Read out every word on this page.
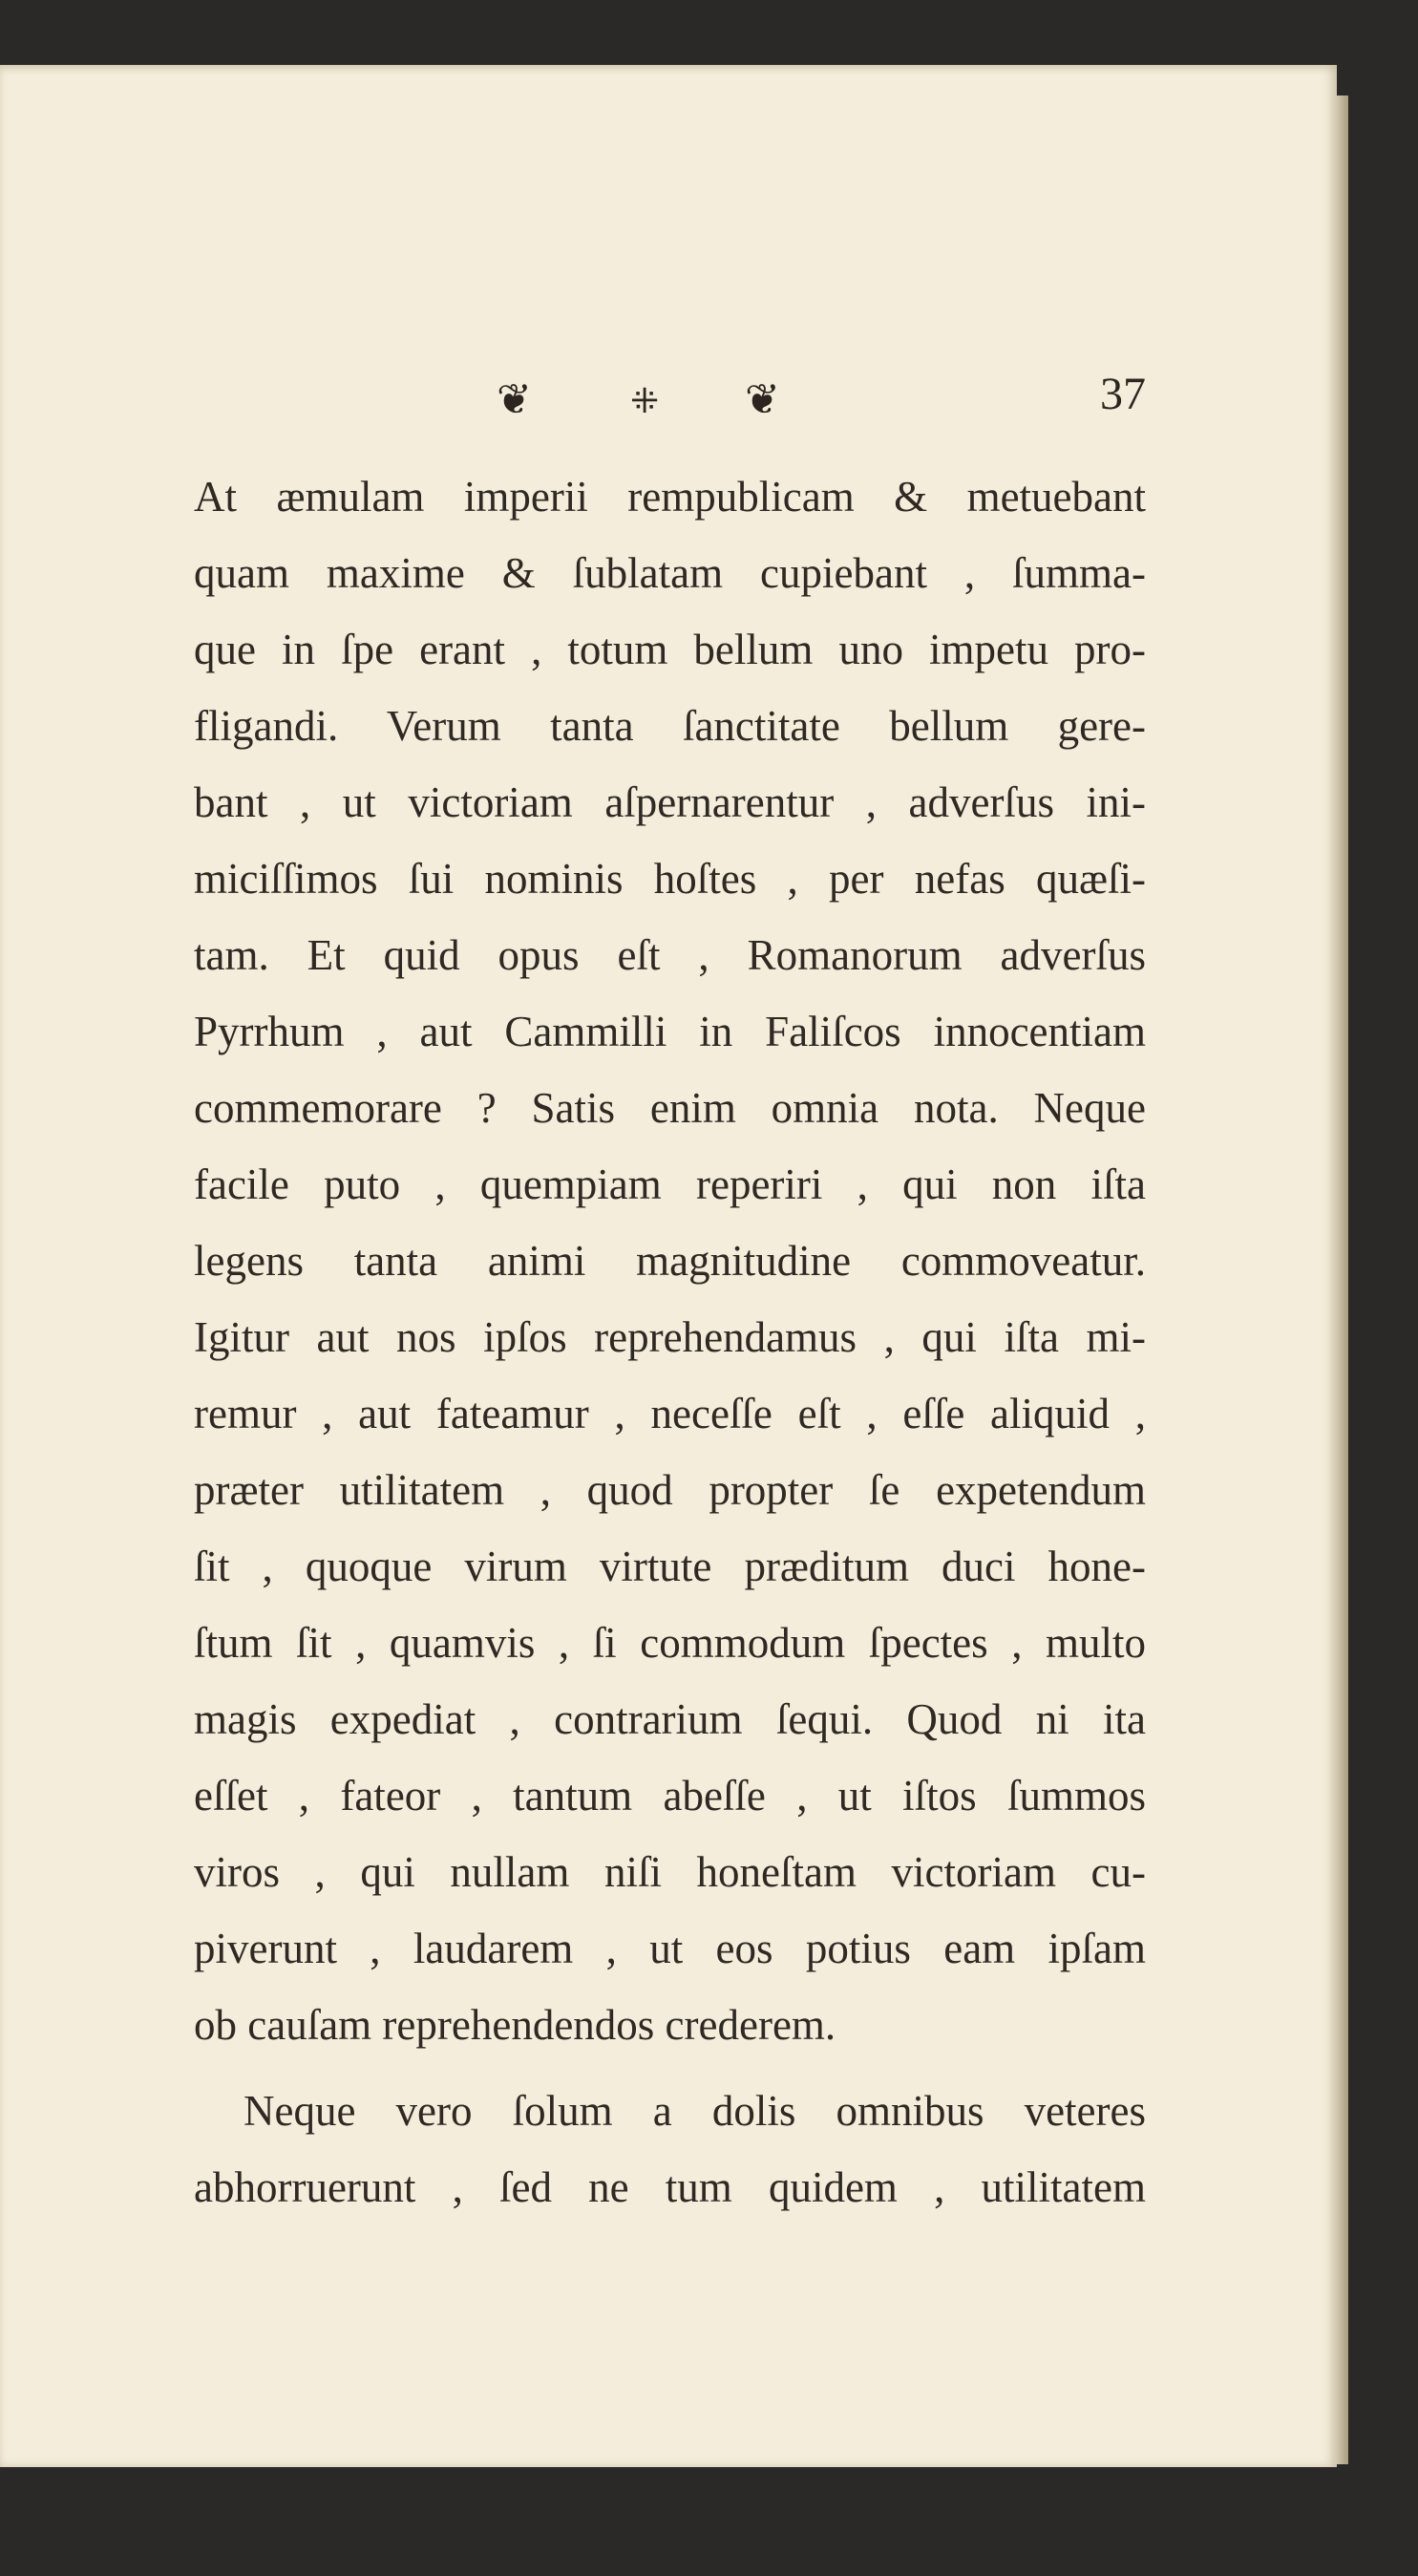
❦	⁜ ❦	37
At æmulam imperii rempublicam & metuebant
quam maxime & ſublatam cupiebant , ſumma-
que in ſpe erant , totum bellum uno impetu pro-
fligandi. Verum tanta ſanctitate bellum gere-
bant , ut victoriam aſpernarentur , adverſus ini-
miciſſimos ſui nominis hoſtes , per nefas quæſi-
tam. Et quid opus eſt , Romanorum adverſus
Pyrrhum , aut Cammilli in Faliſcos innocentiam
commemorare ? Satis enim omnia nota. Neque
facile puto , quempiam reperiri , qui non iſta
legens tanta animi magnitudine commoveatur.
Igitur aut nos ipſos reprehendamus , qui iſta mi-
remur , aut fateamur , neceſſe eſt , eſſe aliquid ,
præter utilitatem , quod propter ſe expetendum
ſit , quoque virum virtute præditum duci hone-
ſtum ſit , quamvis , ſi commodum ſpectes , multo
magis expediat , contrarium ſequi. Quod ni ita
eſſet , fateor , tantum abeſſe , ut iſtos ſummos
viros , qui nullam niſi honeſtam victoriam cu-
piverunt , laudarem , ut eos potius eam ipſam
ob cauſam reprehendendos crederem.
Neque vero ſolum a dolis omnibus veteres
abhorruerunt , ſed ne tum quidem , utilitatem
